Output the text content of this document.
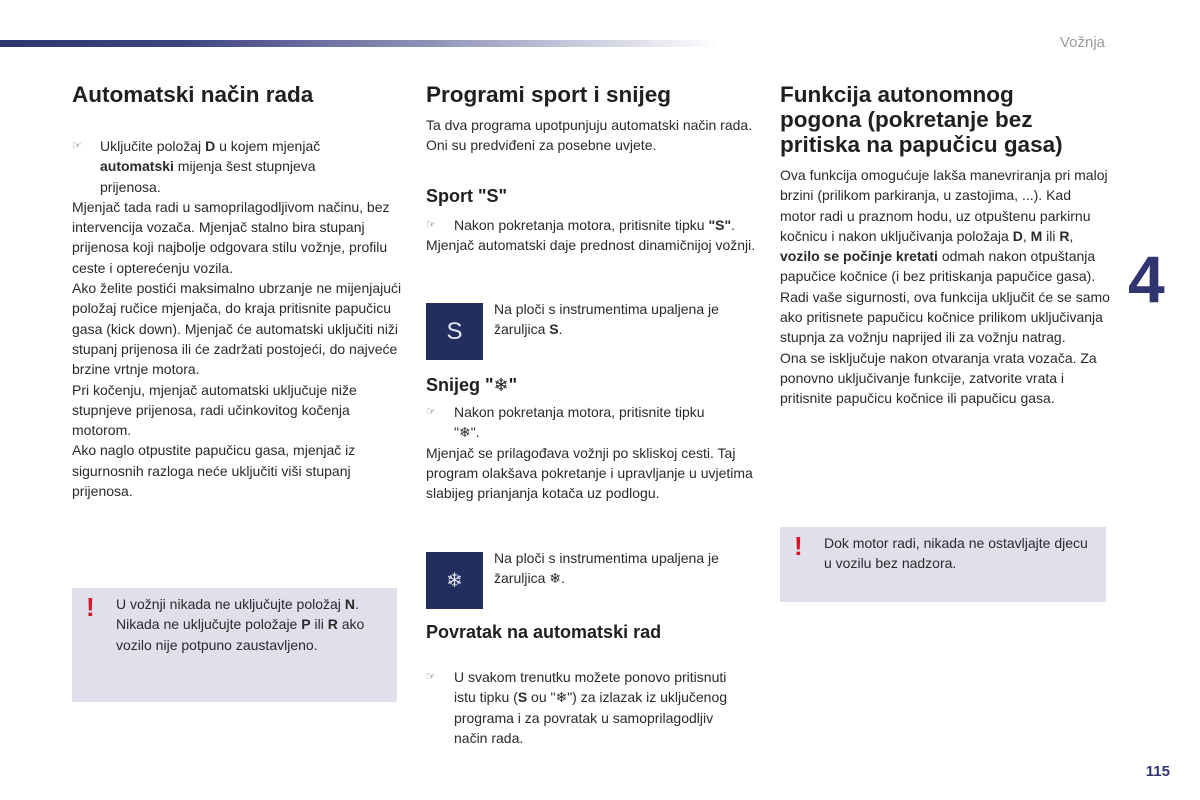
Vožnja
4
115
Automatski način rada
☞ Uključite položaj D u kojem mjenjač automatski mijenja šest stupnjeva prijenosa.

Mjenjač tada radi u samoprilagodljivom načinu, bez intervencija vozača. Mjenjač stalno bira stupanj prijenosa koji najbolje odgovara stilu vožnje, profilu ceste i opterećenju vozila.

Ako želite postići maksimalno ubrzanje ne mijenjajući položaj ručice mjenjača, do kraja pritisnite papučicu gasa (kick down). Mjenjač će automatski uključiti niži stupanj prijenosa ili će zadržati postojeći, do najveće brzine vrtnje motora.

Pri kočenju, mjenjač automatski uključuje niže stupnjeve prijenosa, radi učinkovitog kočenja motorom.

Ako naglo otpustite papučicu gasa, mjenjač iz sigurnosnih razloga neće uključiti viši stupanj prijenosa.

! U vožnji nikada ne uključujte položaj N. Nikada ne uključujte položaje P ili R ako vozilo nije potpuno zaustavljeno.
Programi sport i snijeg

Ta dva programa upotpunjuju automatski način rada. Oni su predviđeni za posebne uvjete.

Sport "S"
☞ Nakon pokretanja motora, pritisnite tipku "S".

Mjenjač automatski daje prednost dinamičnijoj vožnji.

S
Na ploči s instrumentima upaljena je žaruljica S.
Snijeg "❄"
☞ Nakon pokretanja motora, pritisnite tipku "❄".

Mjenjač se prilagođava vožnji po skliskoj cesti. Taj program olakšava pokretanje i upravljanje u uvjetima slabijeg prianjanja kotača uz podlogu.

❄
Na ploči s instrumentima upaljena je žaruljica ❄.
Povratak na automatski rad
☞ U svakom trenutku možete ponovo pritisnuti istu tipku (S ou "❄") za izlazak iz uključenog programa i za povratak u samoprilagodljiv način rada.
Funkcija autonomnog pogona (pokretanje bez pritiska na papučicu gasa)

Ova funkcija omogućuje lakša manevriranja pri maloj brzini (prilikom parkiranja, u zastojima, ...). Kad motor radi u praznom hodu, uz otpuštenu parkirnu kočnicu i nakon uključivanja položaja D, M ili R, vozilo se počinje kretati odmah nakon otpuštanja papučice kočnice (i bez pritiskanja papučice gasa).

Radi vaše sigurnosti, ova funkcija uključit će se samo ako pritisnete papučicu kočnice prilikom uključivanja stupnja za vožnju naprijed ili za vožnju natrag.

Ona se isključuje nakon otvaranja vrata vozača. Za ponovno uključivanje funkcije, zatvorite vrata i pritisnite papučicu kočnice ili papučicu gasa.

! Dok motor radi, nikada ne ostavljajte djecu u vozilu bez nadzora.
